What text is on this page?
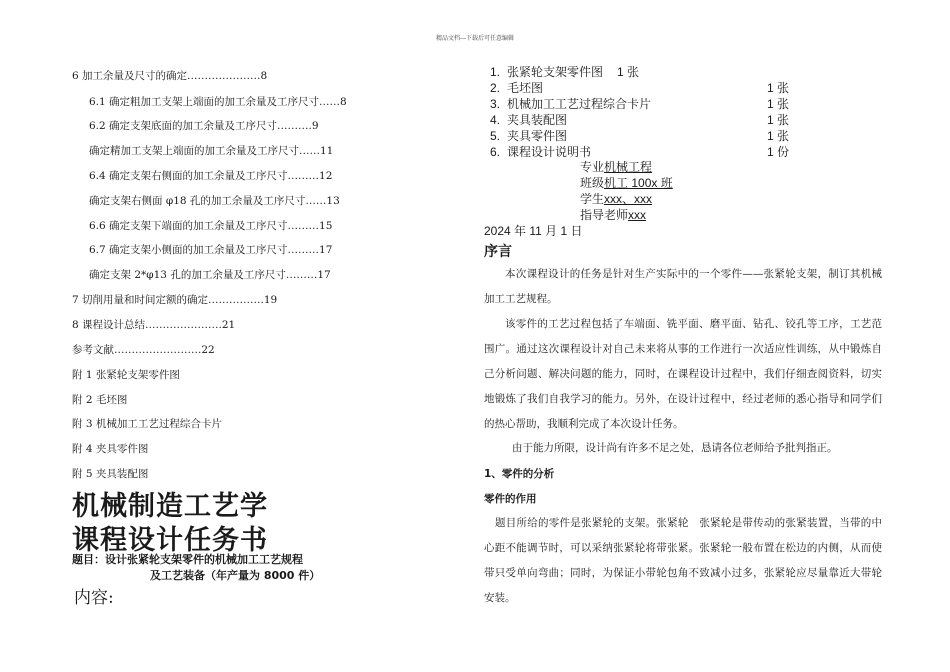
精品文档---下载后可任意编辑
6 加工余量及尺寸的确定…………………8
6.1 确定粗加工支架上端面的加工余量及工序尺寸……8
6.2 确定支架底面的加工余量及工序尺寸……….9
确定精加工支架上端面的加工余量及工序尺寸……11
6.4 确定支架右侧面的加工余量及工序尺寸………12
确定支架右侧面 φ18 孔的加工余量及工序尺寸……13
6.6 确定支架下端面的加工余量及工序尺寸………15
6.7 确定支架小侧面的加工余量及工序尺寸………17
确定支架 2*φ13 孔的加工余量及工序尺寸………17
7 切削用量和时间定额的确定…………….19
8 课程设计总结………………….21
参考文献…………………….22
附 1 张紧轮支架零件图
附 2 毛坯图
附 3 机械加工工艺过程综合卡片
附 4 夹具零件图
附 5 夹具装配图
机械制造工艺学
课程设计任务书
题目：设计张紧轮支架零件的机械加工工艺规程
及工艺装备（年产量为 8000 件）
内容:
1. 张紧轮支架零件图 1 张
2. 毛坯图	1 张
3. 机械加工工艺过程综合卡片	1 张
4. 夹具装配图	1 张
5. 夹具零件图	1 张
6. 课程设计说明书	1 份
专业机械工程
班级机工 100x 班
学生xxx、xxx
指导老师xxx
2024 年 11 月 1 日
序言

本次课程设计的任务是针对生产实际中的一个零件——张紧轮支架，制订其机械加工工艺规程。

该零件的工艺过程包括了车端面、铣平面、磨平面、钻孔、铰孔等工序，工艺范围广。通过这次课程设计对自己未来将从事的工作进行一次适应性训练，从中锻炼自己分析问题、解决问题的能力，同时，在课程设计过程中，我们仔细查阅资料，切实地锻炼了我们自我学习的能力。另外，在设计过程中，经过老师的悉心指导和同学们的热心帮助，我顺利完成了本次设计任务。

由于能力所限，设计尚有许多不足之处，恳请各位老师给予批判指正。

1、零件的分析
零件的作用

题目所给的零件是张紧轮的支架。张紧轮　张紧轮是带传动的张紧装置，当带的中心距不能调节时，可以采纳张紧轮将带张紧。张紧轮一般布置在松边的内侧，从而使带只受单向弯曲；同时，为保证小带轮包角不致减小过多，张紧轮应尽量靠近大带轮安装。
